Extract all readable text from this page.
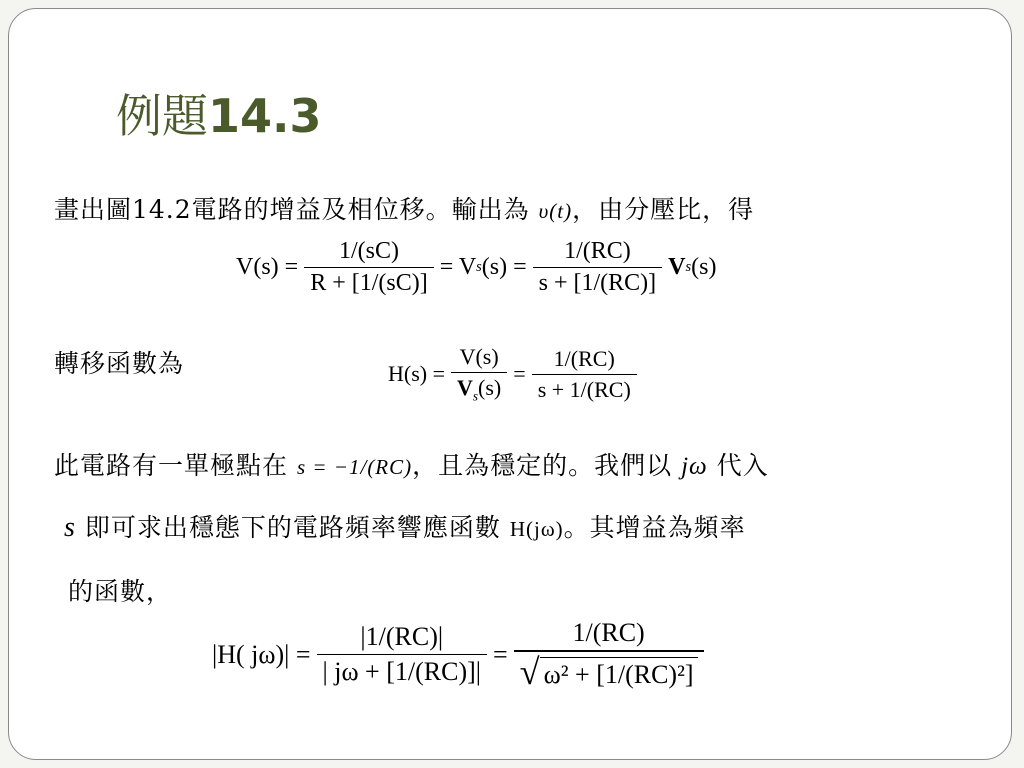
例題14.3
畫出圖14.2電路的增益及相位移。輸出為 υ(t)，由分壓比，得
$V(s) = \frac{1/(sC)}{R + [1/(sC)]} = V$ s $(s) = \frac{1/(RC)}{s + [1/(RC)]}$ V s (s)
轉移函數為	$H(s) = \frac{V(s)}{V_s(s)} = \frac{1/(RC)}{s + 1/(RC)}$
此電路有一單極點在 s = −1/(RC)，且為穩定的。我們以 jω 代入
s 即可求出穩態下的電路頻率響應函數 H(jω)。其增益為頻率
的函數，
|H( $j\omega)| = \frac{|1/(RC)|}{| j\omega + [1/(RC)]|} = \frac{1/(RC)}{\text{√ ω² + [1/(RC)²]}}$
